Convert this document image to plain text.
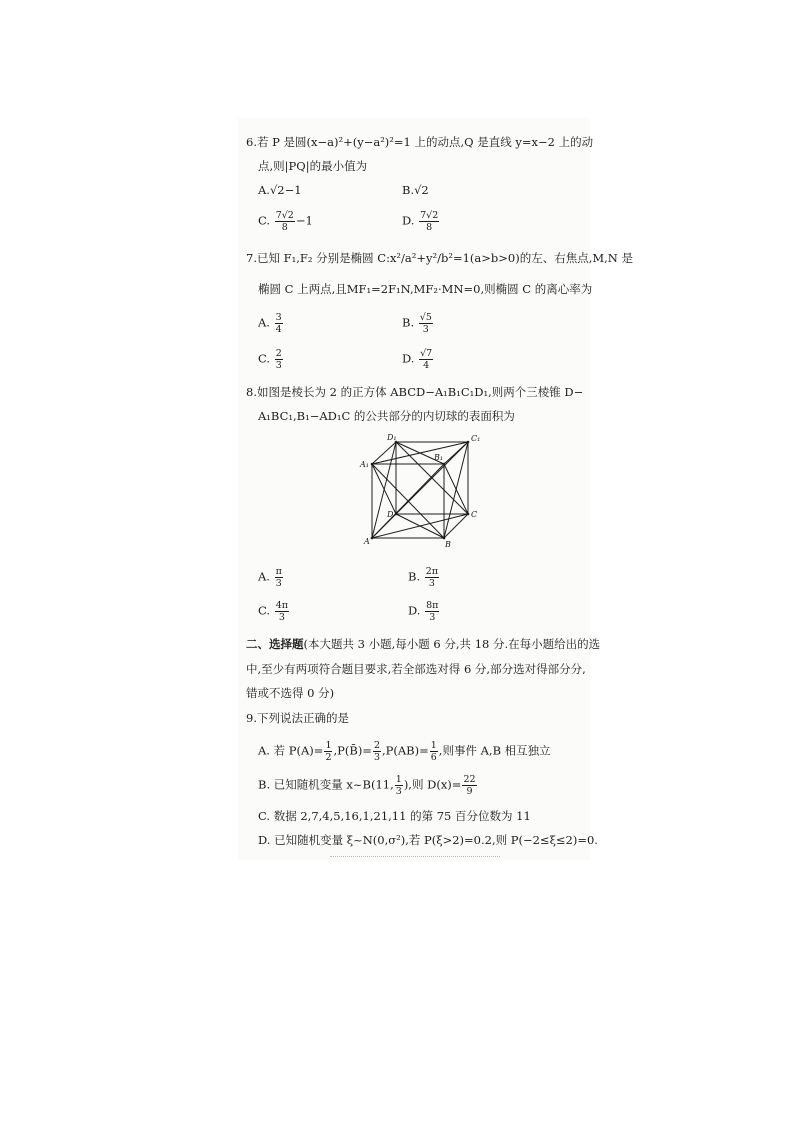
6.若 P 是圆(x−a)²+(y−a²)²=1 上的动点,Q 是直线 y=x−2 上的动
点,则|PQ|的最小值为
A.√2−1	B.√2
C. $\frac{7√2}{8} -1$	D. $\frac{7√2}{8}$
7.已知 F₁,F₂ 分别是椭圆 C:x²/a²+y²/b²=1(a>b>0)的左、右焦点,M,N 是
椭圆 C 上两点,且MF₁=2F₁N,MF₂·MN=0,则椭圆 C 的离心率为
A. $\frac{3}{4}$	B. $\frac{√5}{3}$
C. $\frac{2}{3}$	D. $\frac{√7}{4}$
8.如图是棱长为 2 的正方体 ABCD−A₁B₁C₁D₁,则两个三棱锥 D−
A₁BC₁,B₁−AD₁C 的公共部分的内切球的表面积为
D₁	C₁
A₁
B₁
D	C
A	B
A. $\frac{\pi}{3}$	B. $\frac{2\pi}{3}$
C. $\frac{4\pi}{3}$	D. $\frac{8\pi}{3}$
二、选择题(本大题共 3 小题,每小题 6 分,共 18 分.在每小题给出的选
中,至少有两项符合题目要求,若全部选对得 6 分,部分选对得部分分,
错或不选得 0 分)
9.下列说法正确的是
A. 若 $P(A)= \frac{1}{2}$ ,P(B̄)= $\frac{2}{3} ,P(AB)= \frac{1}{6}$ ,则事件 A,B 相互独立
B. 已知随机变量 x~B(11, $\frac{1}{3}$ ),则 $D(x)= \frac{22}{9}$
C. 数据 2,7,4,5,16,1,21,11 的第 75 百分位数为 11
D. 已知随机变量 ξ~N(0,σ²),若 P(ξ>2)=0.2,则 P(−2≤ξ≤2)=0.
